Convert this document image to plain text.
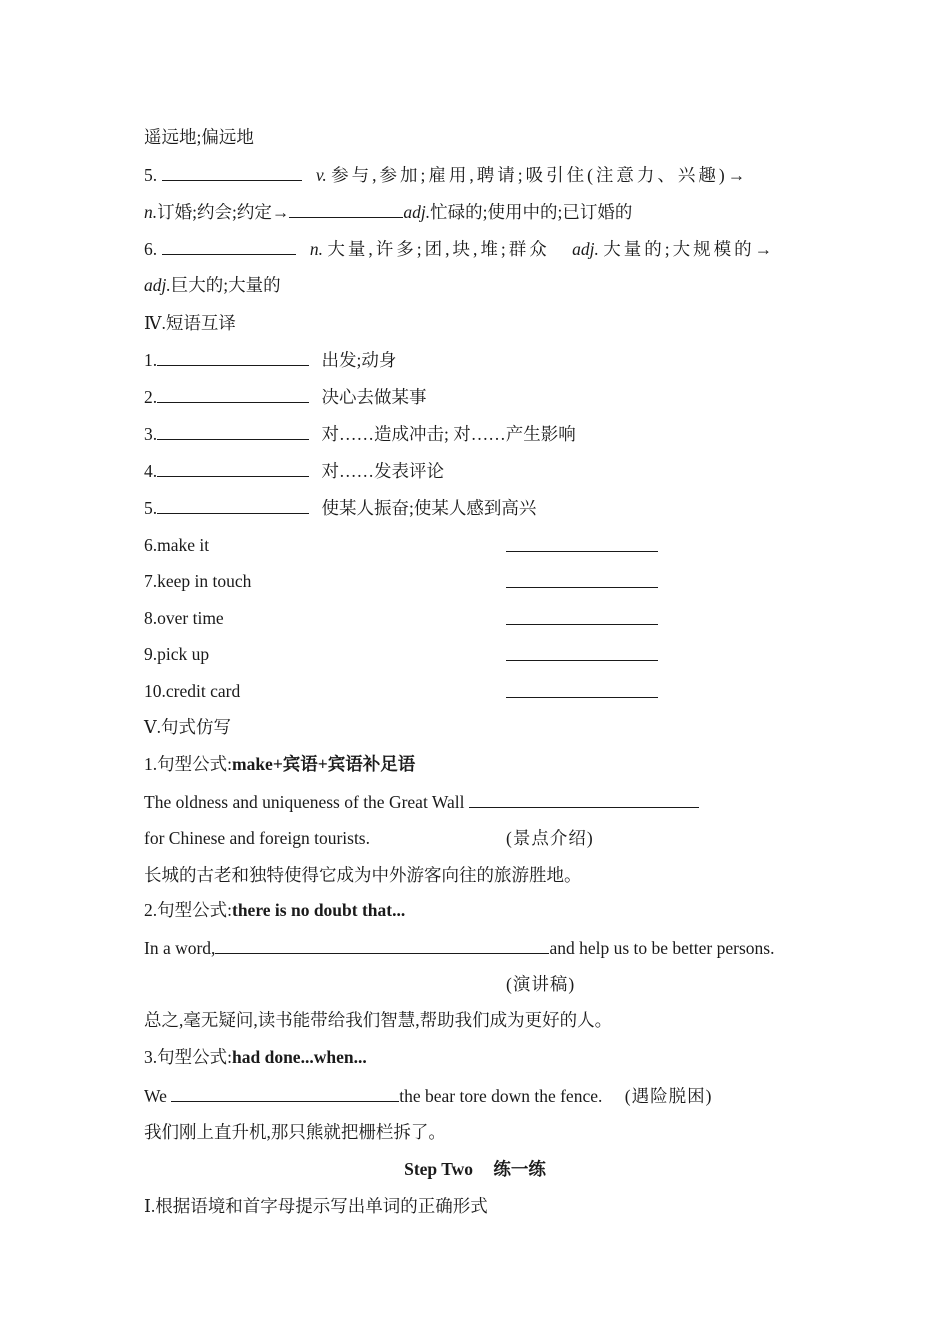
遥远地;偏远地
5.	v. 参与,参加;雇用,聘请;吸引住(注意力、兴趣)→
n.订婚;约会;约定→	adj.忙碌的;使用中的;已订婚的
6.	n. 大量,许多;团,块,堆;群众 adj. 大量的;大规模的→
adj.巨大的;大量的
Ⅳ.短语互译
1.	出发;动身
2.	决心去做某事
3.	对……造成冲击; 对……产生影响
4.	对……发表评论
5.	使某人振奋;使某人感到高兴
6.make it
7.keep in touch
8.over time
9.pick up
10.credit card
Ⅴ.句式仿写
1.句型公式:make+宾语+宾语补足语
The oldness and uniqueness of the Great Wall
for Chinese and foreign tourists.	(景点介绍)
长城的古老和独特使得它成为中外游客向往的旅游胜地。
2.句型公式:there is no doubt that...
In a word,	and help us to be better persons.
(演讲稿)
总之,毫无疑问,读书能带给我们智慧,帮助我们成为更好的人。
3.句型公式:had done...when...
We	the bear tore down the fence. (遇险脱困)
我们刚上直升机,那只熊就把栅栏拆了。
Step Two 练一练
Ⅰ.根据语境和首字母提示写出单词的正确形式
